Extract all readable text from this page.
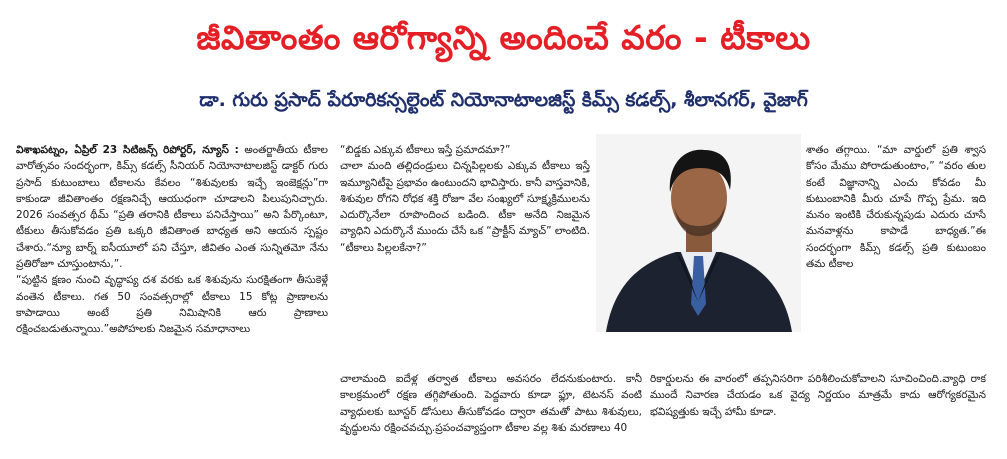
జీవితాంతం ఆరోగ్యాన్ని అందించే వరం - టీకాలు
డా. గురు ప్రసాద్ పేరూరికన్సల్టెంట్ నియోనాటాలజిస్ట్ కిమ్స్ కడల్స్, శీలానగర్, వైజాగ్

విశాఖపట్నం, ఏప్రిల్ 23 సిటిజన్స్ రిపోర్టర్, న్యూస్ : అంతర్జాతీయ టీకాల వారోత్సవం సందర్భంగా, కిమ్స్ కడల్స్ సీనియర్ నియోనాటాలజిస్ట్ డాక్టర్ గురు ప్రసాద్ కుటుంబాలు టీకాలను కేవలం “శిశువులకు ఇచ్చే ఇంజెక్షన్లు”గా కాకుండా జీవితాంతం రక్షణనిచ్చే ఆయుధంగా చూడాలని పిలుపునిచ్చారు. 2026 సంవత్సర థీమ్ “ప్రతి తరానికి టీకాలు పనిచేస్తాయి” అని పేర్కొంటూ, టీకులు తీసుకోవడం ప్రతి ఒక్కరి జీవితాంత బాధ్యత అని ఆయన స్పష్టం చేశారు.“న్యూ బార్న్ ఐసీయూలో పని చేస్తూ, జీవితం ఎంత సున్నితమో నేను ప్రతిరోజూ చూస్తుంటాను,”.

“పుట్టిన క్షణం నుంచి వృద్ధాప్య దశ వరకు ఒక శిశువును సురక్షితంగా తీసుకెళ్లే వంతెన టీకాలు. గత 50 సంవత్సరాల్లో టీకాలు 15 కోట్ల ప్రాణాలను కాపాడాయి అంటే ప్రతి నిమిషానికి ఆరు ప్రాణాలు రక్షించబడుతున్నాయి.”అపోహలకు నిజమైన సమాధానాలు

“బిడ్డకు ఎక్కువ టీకాలు ఇస్తే ప్రమాదమా?”

చాలా మంది తల్లిదండ్రులు చిన్నపిల్లలకు ఎక్కువ టీకాలు ఇస్తే ఇమ్యూనిటీపై ప్రభావం ఉంటుందని భావిస్తారు. కానీ వాస్తవానికి, శిశువుల రోగని రోధక శక్తి రోజూ వేల సంఖ్యలో సూక్ష్మక్రిములను ఎదుర్కొనేలా రూపొందించ బడింది. టీకా అనేది నిజమైన వ్యాధిని ఎదుర్కొనే ముందు చేసే ఒక “ప్రాక్టీస్ మ్యాచ్” లాంటిది.

“టీకాలు పిల్లలకేనా?”

చాలామంది ఐదేళ్ల తర్వాత టీకాలు అవసరం లేదనుకుంటారు. కానీ కాలక్రమంలో రక్షణ తగ్గిపోతుంది. పెద్దవారు కూడా ఫ్లూ, టెటనస్ వంటి వ్యాధులకు బూస్టర్ డోసులు తీసుకోవడం ద్వారా తమతో పాటు శిశువులు, వృద్ధులను రక్షించవచ్చు.ప్రపంచవ్యాప్తంగా టీకాల వల్ల శిశు మరణాలు 40

శాతం తగ్గాయి. “మా వార్డులో ప్రతి శ్వాస కోసం మేము పోరాడుతుంటాం,” “వరం తుల కంటే విజ్ఞానాన్ని ఎంచు కోవడం మీ కుటుంబానికి మీరు చూపే గొప్ప ప్రేమ. ఇది మనం ఇంటికి చేరుకున్నపుడు ఎదురు చూసే మనవాళ్లను కాపాడే బాధ్యత.”ఈ సందర్భంగా కిమ్స్ కడల్స్ ప్రతి కుటుంబం తమ టీకాల

రికార్డులను ఈ వారంలో తప్పనిసరిగా పరిశీలించుకోవాలని సూచించింది.వ్యాధి రాక ముందే నివారణ చేయడం ఒక వైద్య నిర్ణయం మాత్రమే కాదు ఆరోగ్యకరమైన భవిష్యత్తుకు ఇచ్చే హామీ కూడా.
